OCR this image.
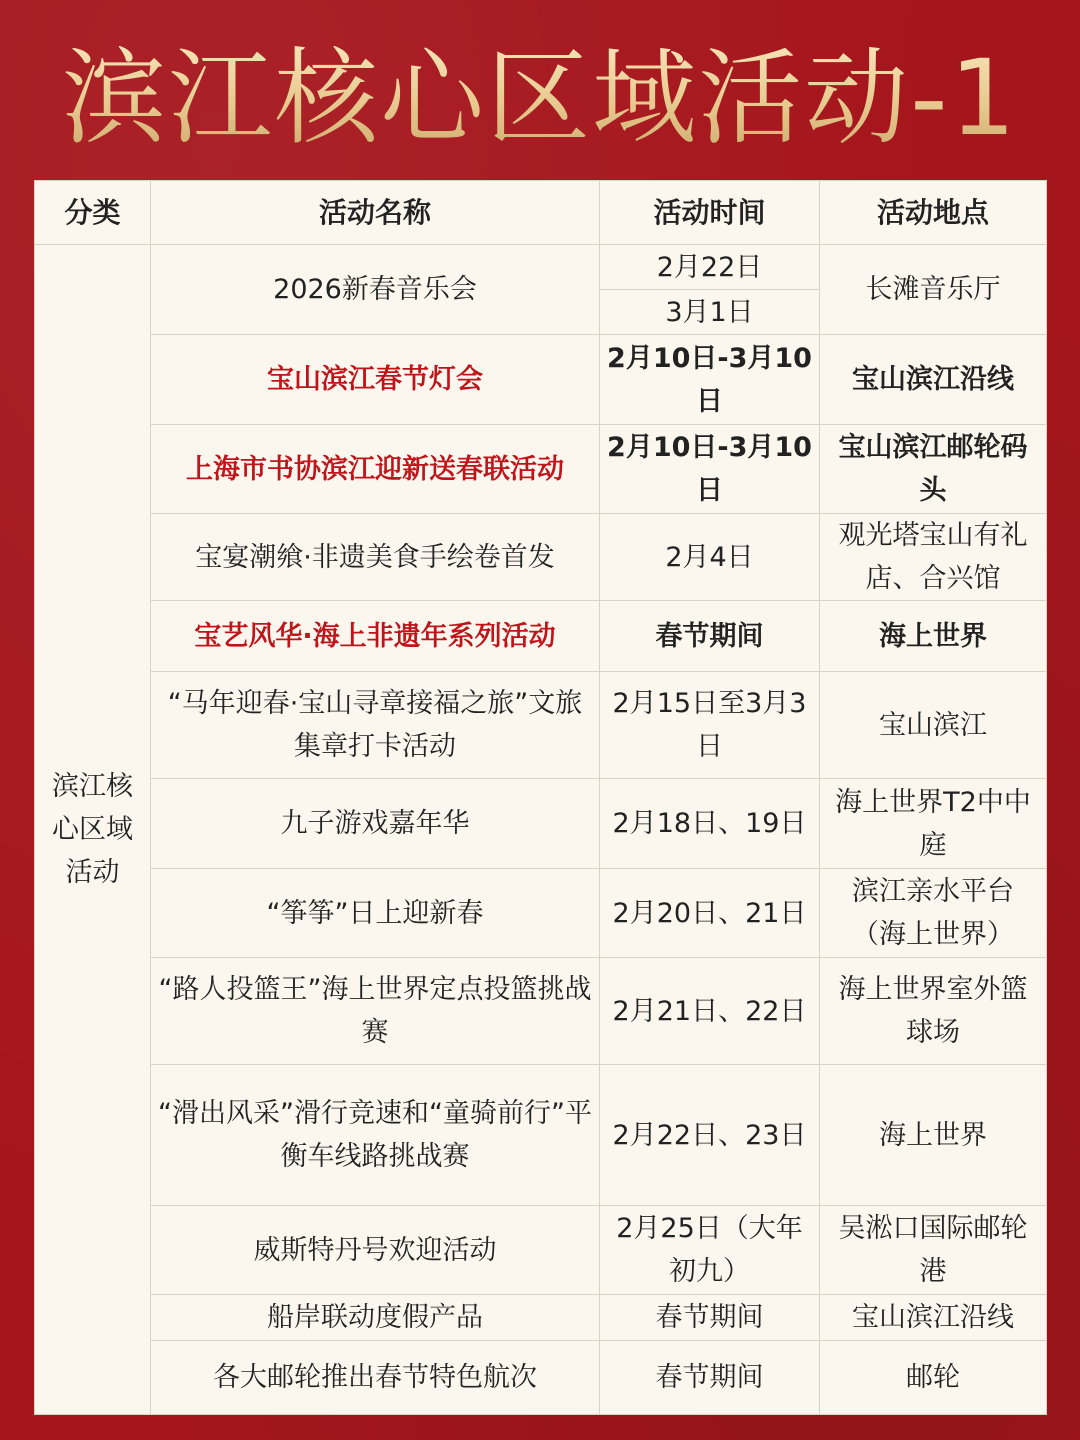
滨江核心区域活动-1
分类	活动名称	活动时间	活动地点
滨江核心区域活动	2026新春音乐会	2月22日	长滩音乐厅
		3月1日	
	宝山滨江春节灯会	2月10日-3月10日	宝山滨江沿线
	上海市书协滨江迎新送春联活动	2月10日-3月10日	宝山滨江邮轮码头
	宝宴潮飨·非遗美食手绘卷首发	2月4日	观光塔宝山有礼店、合兴馆
	宝艺风华·海上非遗年系列活动	春节期间	海上世界
	“马年迎春·宝山寻章接福之旅”文旅集章打卡活动	2月15日至3月3日	宝山滨江
	九子游戏嘉年华	2月18日、19日	海上世界T2中中庭
	“筝筝”日上迎新春	2月20日、21日	滨江亲水平台（海上世界）
	“路人投篮王”海上世界定点投篮挑战赛	2月21日、22日	海上世界室外篮球场
	“滑出风采”滑行竞速和“童骑前行”平衡车线路挑战赛	2月22日、23日	海上世界
	威斯特丹号欢迎活动	2月25日（大年初九）	吴淞口国际邮轮港
	船岸联动度假产品	春节期间	宝山滨江沿线
	各大邮轮推出春节特色航次	春节期间	邮轮
